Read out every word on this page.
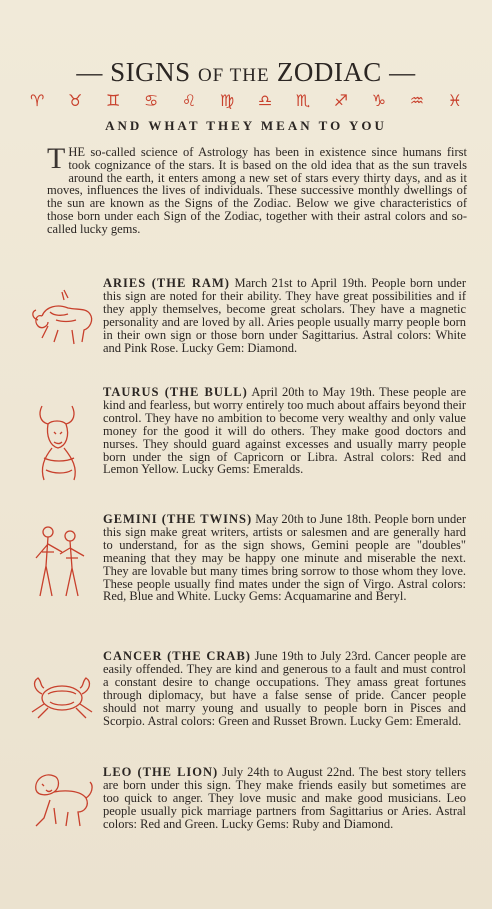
— SIGNS OF THE ZODIAC —
♈ ♉ ♊ ♋ ♌ ♍ ♎ ♏ ♐ ♑ ♒ ♓
AND WHAT THEY MEAN TO YOU
THE so-called science of Astrology has been in existence since humans first took cognizance of the stars. It is based on the old idea that as the sun travels around the earth, it enters among a new set of stars every thirty days, and as it moves, influences the lives of individuals. These successive monthly dwellings of the sun are known as the Signs of the Zodiac. Below we give characteristics of those born under each Sign of the Zodiac, together with their astral colors and so-called lucky gems.
ARIES (THE RAM) March 21st to April 19th. People born under this sign are noted for their ability. They have great possibilities and if they apply themselves, become great scholars. They have a magnetic personality and are loved by all. Aries people usually marry people born in their own sign or those born under Sagittarius. Astral colors: White and Pink Rose. Lucky Gem: Diamond.
TAURUS (THE BULL) April 20th to May 19th. These people are kind and fearless, but worry entirely too much about affairs beyond their control. They have no ambition to become very wealthy and only value money for the good it will do others. They make good doctors and nurses. They should guard against excesses and usually marry people born under the sign of Capricorn or Libra. Astral colors: Red and Lemon Yellow. Lucky Gems: Emeralds.
GEMINI (THE TWINS) May 20th to June 18th. People born under this sign make great writers, artists or salesmen and are generally hard to understand, for as the sign shows, Gemini people are "doubles" meaning that they may be happy one minute and miserable the next. They are lovable but many times bring sorrow to those whom they love. These people usually find mates under the sign of Virgo. Astral colors: Red, Blue and White. Lucky Gems: Acquamarine and Beryl.
CANCER (THE CRAB) June 19th to July 23rd. Cancer people are easily offended. They are kind and generous to a fault and must control a constant desire to change occupations. They amass great fortunes through diplomacy, but have a false sense of pride. Cancer people should not marry young and usually to people born in Pisces and Scorpio. Astral colors: Green and Russet Brown. Lucky Gem: Emerald.
LEO (THE LION) July 24th to August 22nd. The best story tellers are born under this sign. They make friends easily but sometimes are too quick to anger. They love music and make good musicians. Leo people usually pick marriage partners from Sagittarius or Aries. Astral colors: Red and Green. Lucky Gems: Ruby and Diamond.
